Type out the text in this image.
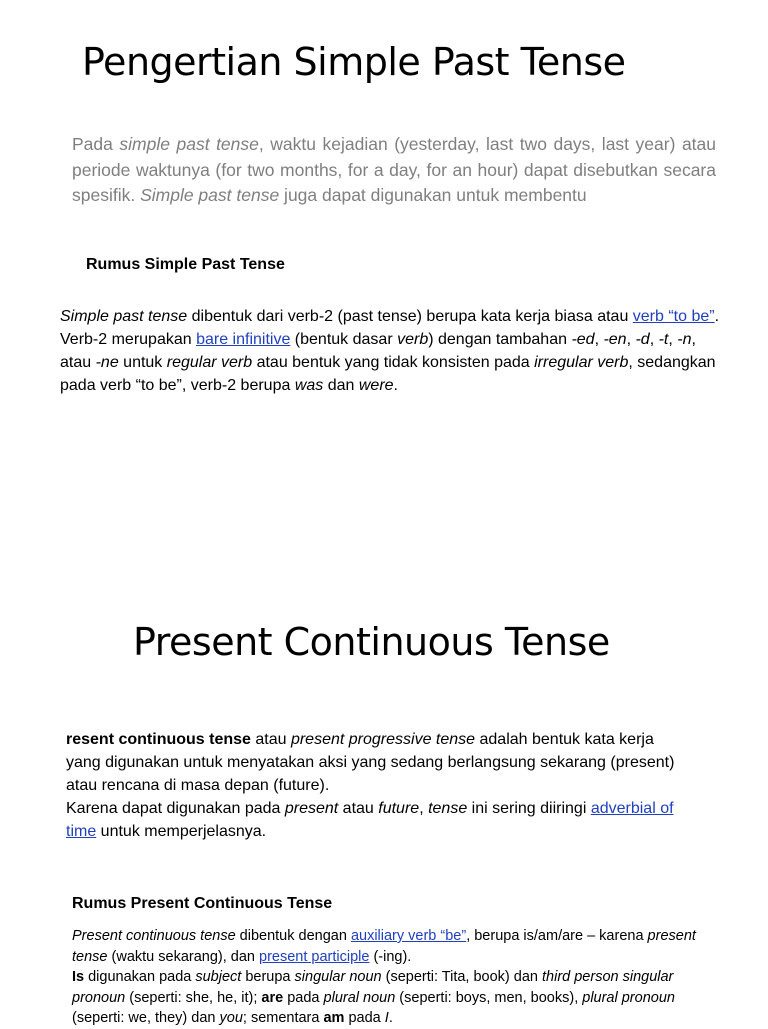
Pengertian Simple Past Tense

Pada simple past tense, waktu kejadian (yesterday, last two days, last year) atau periode waktunya (for two months, for a day, for an hour) dapat disebutkan secara spesifik. Simple past tense juga dapat digunakan untuk membentu

Rumus Simple Past Tense

Simple past tense dibentuk dari verb-2 (past tense) berupa kata kerja biasa atau verb “to be”. Verb-2 merupakan bare infinitive (bentuk dasar verb) dengan tambahan -ed, -en, -d, -t, -n, atau -ne untuk regular verb atau bentuk yang tidak konsisten pada irregular verb, sedangkan pada verb “to be”, verb-2 berupa was dan were.

Present Continuous Tense

resent continuous tense atau present progressive tense adalah bentuk kata kerja yang digunakan untuk menyatakan aksi yang sedang berlangsung sekarang (present) atau rencana di masa depan (future).
Karena dapat digunakan pada present atau future, tense ini sering diiringi adverbial of time untuk memperjelasnya.

Rumus Present Continuous Tense

Present continuous tense dibentuk dengan auxiliary verb “be”, berupa is/am/are – karena present tense (waktu sekarang), dan present participle (-ing).
Is digunakan pada subject berupa singular noun (seperti: Tita, book) dan third person singular pronoun (seperti: she, he, it); are pada plural noun (seperti: boys, men, books), plural pronoun (seperti: we, they) dan you; sementara am pada I.
